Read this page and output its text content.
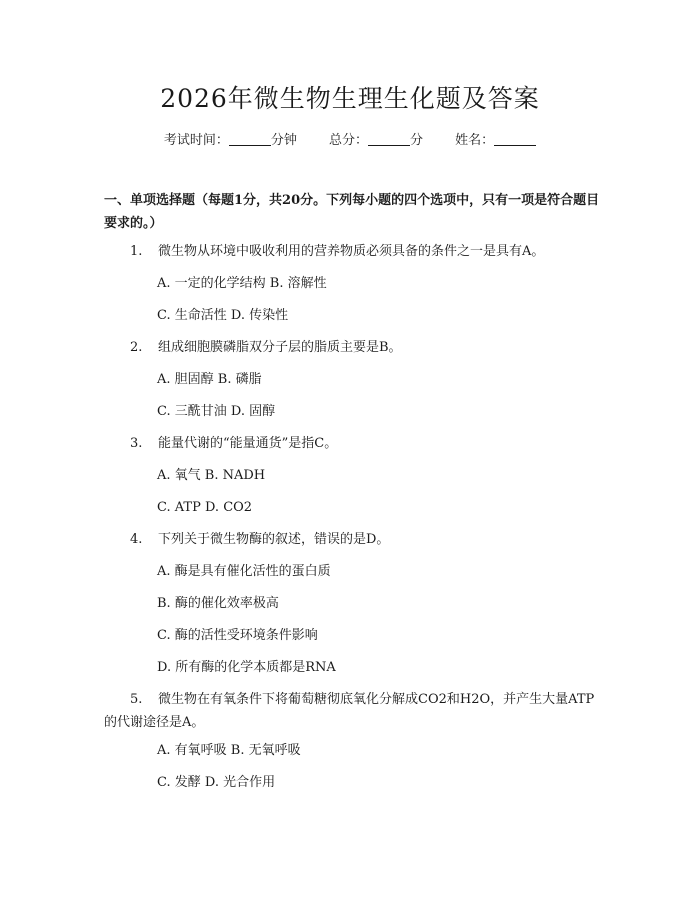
2026年微生物生理生化题及答案
考试时间：	分钟 总分：	分 姓名：
一、单项选择题（每题1分，共20分。下列每小题的四个选项中，只有一项是符合题目要求的。）
1. 微生物从环境中吸收利用的营养物质必须具备的条件之一是具有A。
A. 一定的化学结构 B. 溶解性
C. 生命活性 D. 传染性
2. 组成细胞膜磷脂双分子层的脂质主要是B。
A. 胆固醇 B. 磷脂
C. 三酰甘油 D. 固醇
3. 能量代谢的“能量通货”是指C。
A. 氧气 B. NADH
C. ATP D. CO2
4. 下列关于微生物酶的叙述，错误的是D。
A. 酶是具有催化活性的蛋白质
B. 酶的催化效率极高
C. 酶的活性受环境条件影响
D. 所有酶的化学本质都是RNA
5. 微生物在有氧条件下将葡萄糖彻底氧化分解成CO2和H2O，并产生大量ATP的代谢途径是A。
A. 有氧呼吸 B. 无氧呼吸
C. 发酵 D. 光合作用
